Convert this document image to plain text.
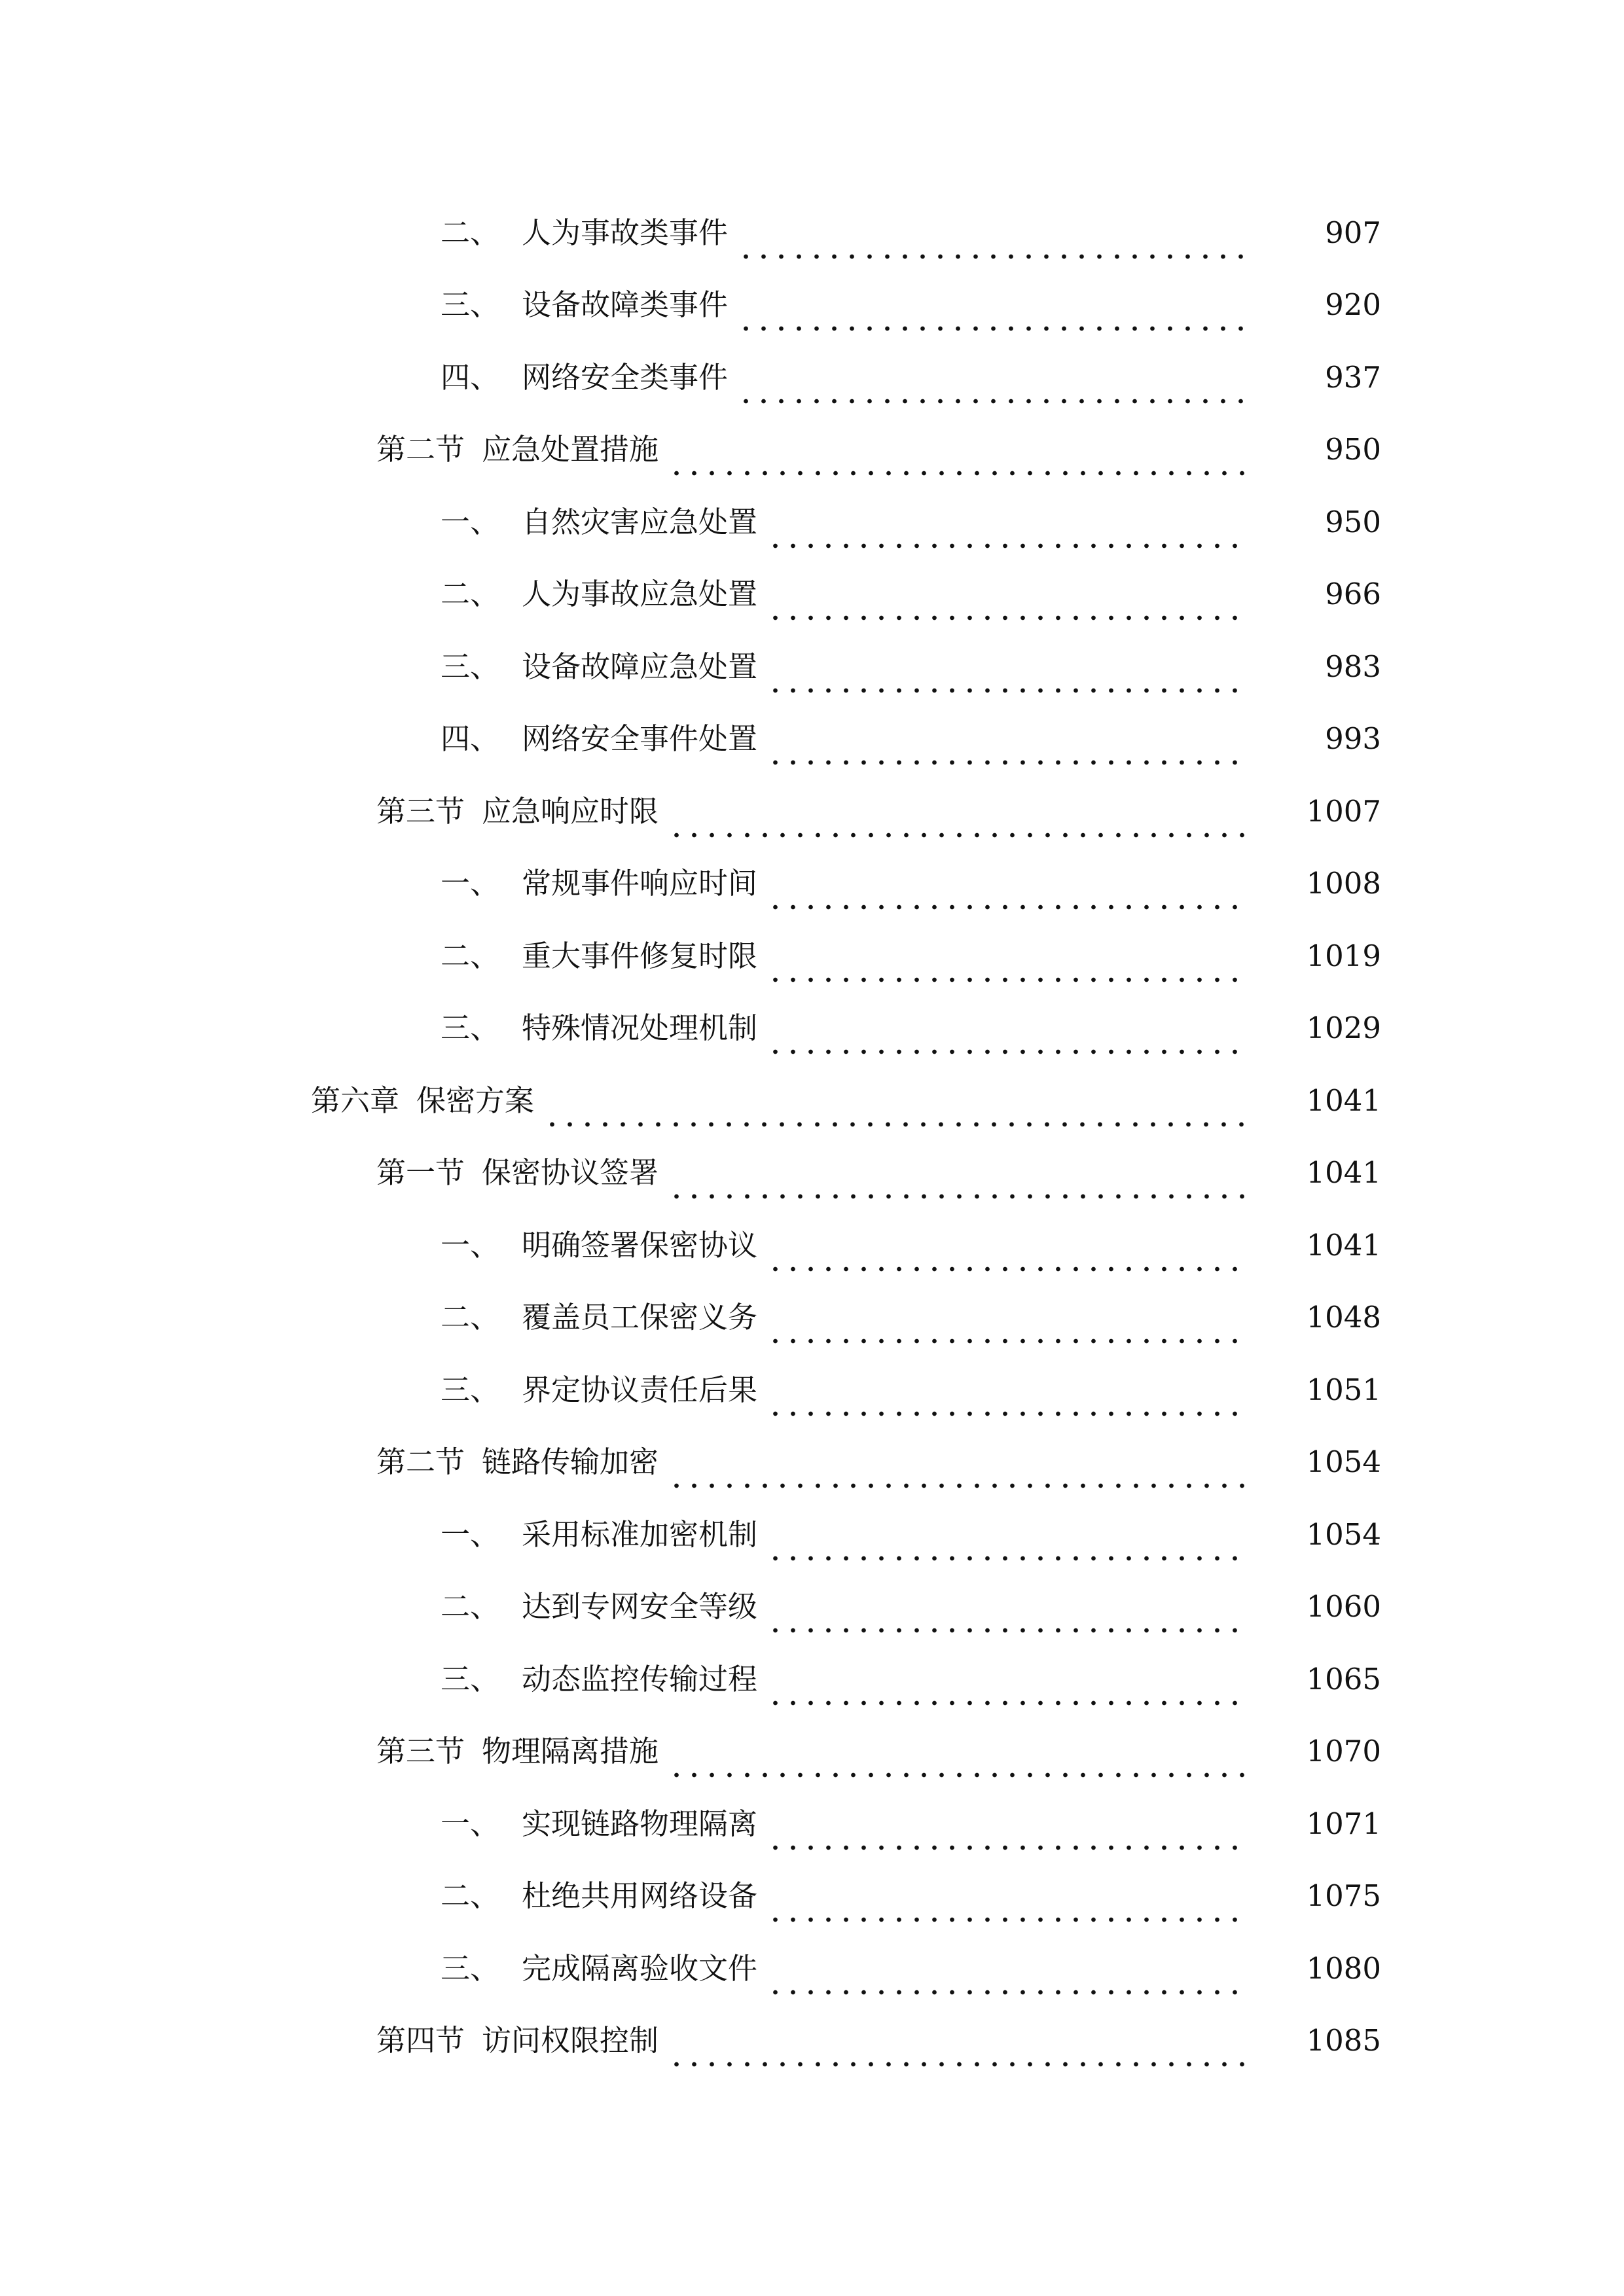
二、 人为事故类事件	907
三、 设备故障类事件	920
四、 网络安全类事件	937
第二节 应急处置措施	950
一、 自然灾害应急处置	950
二、 人为事故应急处置	966
三、 设备故障应急处置	983
四、 网络安全事件处置	993
第三节 应急响应时限	1007
一、 常规事件响应时间	1008
二、 重大事件修复时限	1019
三、 特殊情况处理机制	1029
第六章 保密方案	1041
第一节 保密协议签署	1041
一、 明确签署保密协议	1041
二、 覆盖员工保密义务	1048
三、 界定协议责任后果	1051
第二节 链路传输加密	1054
一、 采用标准加密机制	1054
二、 达到专网安全等级	1060
三、 动态监控传输过程	1065
第三节 物理隔离措施	1070
一、 实现链路物理隔离	1071
二、 杜绝共用网络设备	1075
三、 完成隔离验收文件	1080
第四节 访问权限控制	1085
